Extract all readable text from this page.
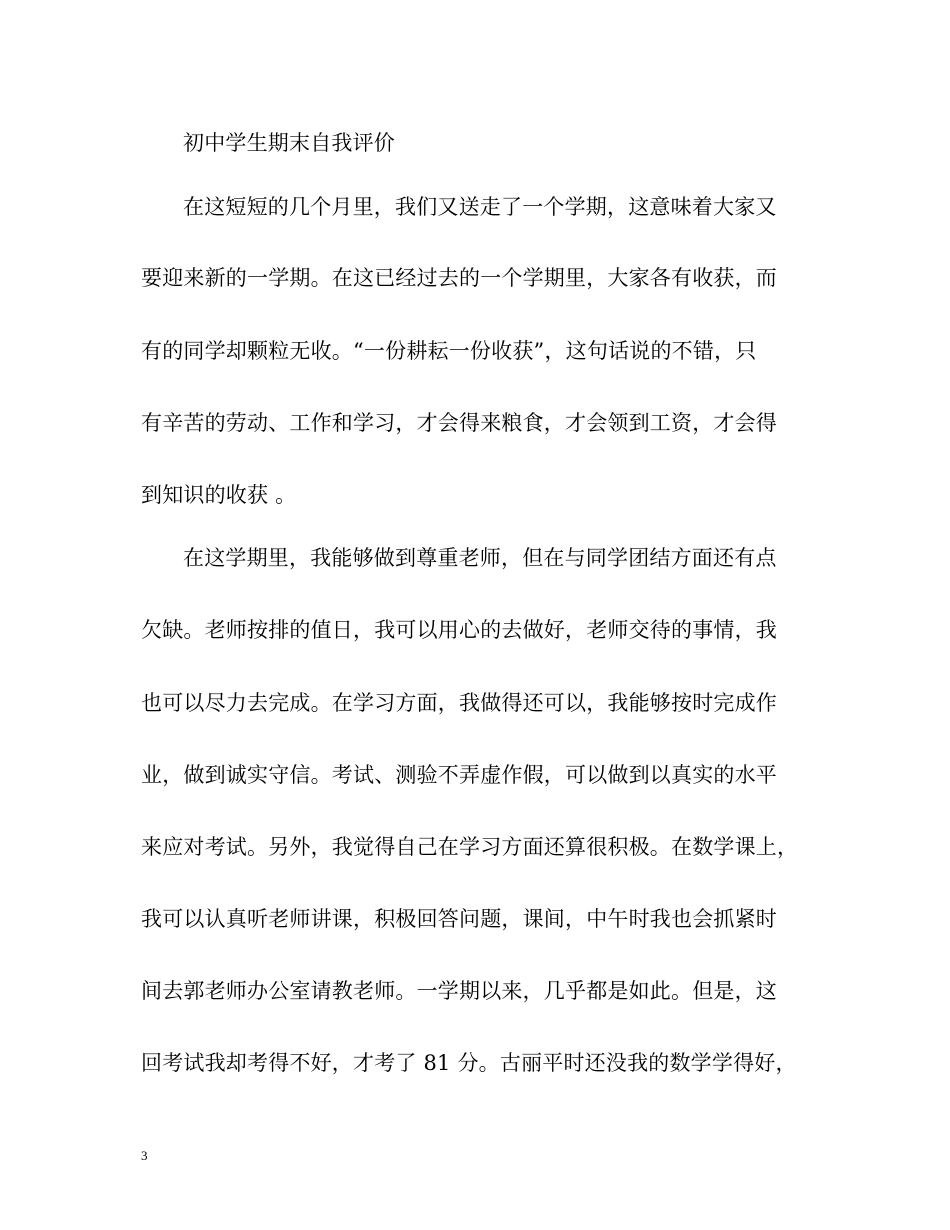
初中学生期末自我评价
在这短短的几个月里，我们又送走了一个学期，这意味着大家又
要迎来新的一学期。在这已经过去的一个学期里，大家各有收获，而
有的同学却颗粒无收。“一份耕耘一份收获”，这句话说的不错，只
有辛苦的劳动、工作和学习，才会得来粮食，才会领到工资，才会得
到知识的收获 。
在这学期里，我能够做到尊重老师，但在与同学团结方面还有点
欠缺。老师按排的值日，我可以用心的去做好，老师交待的事情，我
也可以尽力去完成。在学习方面，我做得还可以，我能够按时完成作
业，做到诚实守信。考试、测验不弄虚作假，可以做到以真实的水平
来应对考试。另外，我觉得自己在学习方面还算很积极。在数学课上，
我可以认真听老师讲课，积极回答问题，课间，中午时我也会抓紧时
间去郭老师办公室请教老师。一学期以来，几乎都是如此。但是，这
回考试我却考得不好，才考了 81 分。古丽平时还没我的数学学得好，
3
